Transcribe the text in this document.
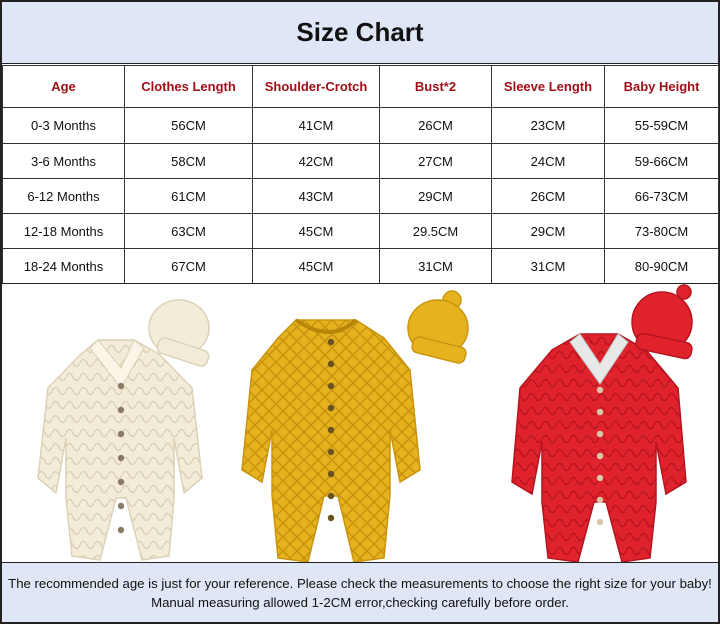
Size Chart
Age	Clothes Length	Shoulder-Crotch	Bust*2	Sleeve Length	Baby Height
0-3 Months	56CM	41CM	26CM	23CM	55-59CM
3-6 Months	58CM	42CM	27CM	24CM	59-66CM
6-12 Months	61CM	43CM	29CM	26CM	66-73CM
12-18 Months	63CM	45CM	29.5CM	29CM	73-80CM
18-24 Months	67CM	45CM	31CM	31CM	80-90CM

The recommended age is just for your reference. Please check the measurements to choose the right size for your baby!

Manual measuring allowed 1-2CM error,checking carefully before order.
